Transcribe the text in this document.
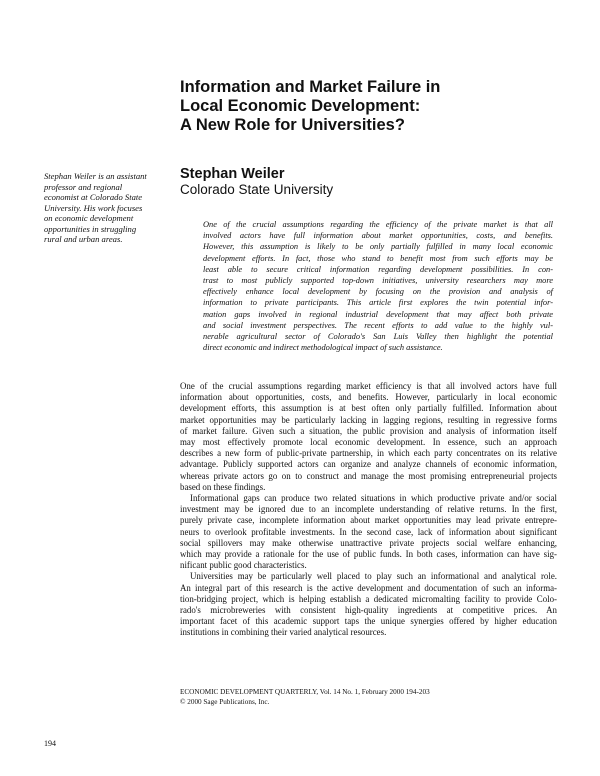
Information and Market Failure in
Local Economic Development:
A New Role for Universities?
Stephan Weiler
Colorado State University
Stephan Weiler is an assistant
professor and regional
economist at Colorado State
University. His work focuses
on economic development
opportunities in struggling
rural and urban areas.
One of the crucial assumptions regarding the efficiency of the private market is that all
involved actors have full information about market opportunities, costs, and benefits.
However, this assumption is likely to be only partially fulfilled in many local economic
development efforts. In fact, those who stand to benefit most from such efforts may be
least able to secure critical information regarding development possibilities. In con-
trast to most publicly supported top-down initiatives, university researchers may more
effectively enhance local development by focusing on the provision and analysis of
information to private participants. This article first explores the twin potential infor-
mation gaps involved in regional industrial development that may affect both private
and social investment perspectives. The recent efforts to add value to the highly vul-
nerable agricultural sector of Colorado's San Luis Valley then highlight the potential
direct economic and indirect methodological impact of such assistance.
One of the crucial assumptions regarding market efficiency is that all involved actors have full
information about opportunities, costs, and benefits. However, particularly in local economic
development efforts, this assumption is at best often only partially fulfilled. Information about
market opportunities may be particularly lacking in lagging regions, resulting in regressive forms
of market failure. Given such a situation, the public provision and analysis of information itself
may most effectively promote local economic development. In essence, such an approach
describes a new form of public-private partnership, in which each party concentrates on its relative
advantage. Publicly supported actors can organize and analyze channels of economic information,
whereas private actors go on to construct and manage the most promising entrepreneurial projects
based on these findings.
Informational gaps can produce two related situations in which productive private and/or social
investment may be ignored due to an incomplete understanding of relative returns. In the first,
purely private case, incomplete information about market opportunities may lead private entrepre-
neurs to overlook profitable investments. In the second case, lack of information about significant
social spillovers may make otherwise unattractive private projects social welfare enhancing,
which may provide a rationale for the use of public funds. In both cases, information can have sig-
nificant public good characteristics.
Universities may be particularly well placed to play such an informational and analytical role.
An integral part of this research is the active development and documentation of such an informa-
tion-bridging project, which is helping establish a dedicated micromalting facility to provide Colo-
rado's microbreweries with consistent high-quality ingredients at competitive prices. An
important facet of this academic support taps the unique synergies offered by higher education
institutions in combining their varied analytical resources.
ECONOMIC DEVELOPMENT QUARTERLY, Vol. 14 No. 1, February 2000 194-203
© 2000 Sage Publications, Inc.
194
